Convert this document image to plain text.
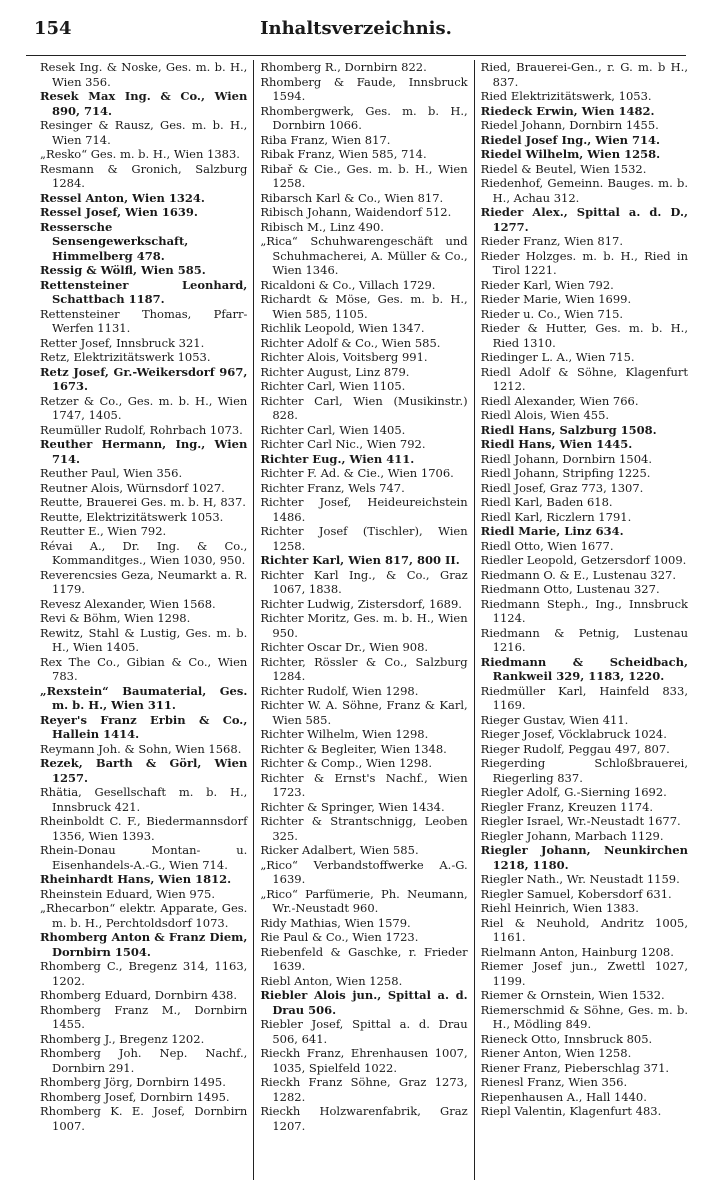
154	Inhaltsverzeichnis.
Resek Ing. & Noske, Ges. m. b. H., Wien 356.
Resek Max Ing. & Co., Wien 890, 714.
Resinger & Rausz, Ges. m. b. H., Wien 714.
„Resko“ Ges. m. b. H., Wien 1383.
Resmann & Gronich, Salzburg 1284.
Ressel Anton, Wien 1324.
Ressel Josef, Wien 1639.
Ressersche Sensengewerkschaft, Himmelberg 478.
Ressig & Wölfl, Wien 585.
Rettensteiner Leonhard, Schattbach 1187.
Rettensteiner Thomas, Pfarr-Werfen 1131.
Retter Josef, Innsbruck 321.
Retz, Elektrizitätswerk 1053.
Retz Josef, Gr.-Weikersdorf 967, 1673.
Retzer & Co., Ges. m. b. H., Wien 1747, 1405.
Reumüller Rudolf, Rohrbach 1073.
Reuther Hermann, Ing., Wien 714.
Reuther Paul, Wien 356.
Reutner Alois, Würnsdorf 1027.
Reutte, Brauerei Ges. m. b. H, 837.
Reutte, Elektrizitätswerk 1053.
Reutter E., Wien 792.
Révai A., Dr. Ing. & Co., Kommanditges., Wien 1030, 950.
Reverencsies Geza, Neumarkt a. R. 1179.
Revesz Alexander, Wien 1568.
Revi & Böhm, Wien 1298.
Rewitz, Stahl & Lustig, Ges. m. b. H., Wien 1405.
Rex The Co., Gibian & Co., Wien 783.
„Rexstein“ Baumaterial, Ges. m. b. H., Wien 311.
Reyer's Franz Erbin & Co., Hallein 1414.
Reymann Joh. & Sohn, Wien 1568.
Rezek, Barth & Görl, Wien 1257.
Rhätia, Gesellschaft m. b. H., Innsbruck 421.
Rheinboldt C. F., Biedermannsdorf 1356, Wien 1393.
Rhein-Donau Montan- u. Eisenhandels-A.-G., Wien 714.
Rheinhardt Hans, Wien 1812.
Rheinstein Eduard, Wien 975.
„Rhecarbon“ elektr. Apparate, Ges. m. b. H., Perchtoldsdorf 1073.
Rhomberg Anton & Franz Diem, Dornbirn 1504.
Rhomberg C., Bregenz 314, 1163, 1202.
Rhomberg Eduard, Dornbirn 438.
Rhomberg Franz M., Dornbirn 1455.
Rhomberg J., Bregenz 1202.
Rhomberg Joh. Nep. Nachf., Dornbirn 291.
Rhomberg Jörg, Dornbirn 1495.
Rhomberg Josef, Dornbirn 1495.
Rhomberg K. E. Josef, Dornbirn 1007.
Rhomberg R., Dornbirn 822.
Rhomberg & Faude, Innsbruck 1594.
Rhombergwerk, Ges. m. b. H., Dornbirn 1066.
Riba Franz, Wien 817.
Ribak Franz, Wien 585, 714.
Ribař & Cie., Ges. m. b. H., Wien 1258.
Ribarsch Karl & Co., Wien 817.
Ribisch Johann, Waidendorf 512.
Ribisch M., Linz 490.
„Rica“ Schuhwarengeschäft und Schuhmacherei, A. Müller & Co., Wien 1346.
Ricaldoni & Co., Villach 1729.
Richardt & Möse, Ges. m. b. H., Wien 585, 1105.
Richlik Leopold, Wien 1347.
Richter Adolf & Co., Wien 585.
Richter Alois, Voitsberg 991.
Richter August, Linz 879.
Richter Carl, Wien 1105.
Richter Carl, Wien (Musikinstr.) 828.
Richter Carl, Wien 1405.
Richter Carl Nic., Wien 792.
Richter Eug., Wien 411.
Richter F. Ad. & Cie., Wien 1706.
Richter Franz, Wels 747.
Richter Josef, Heideureichstein 1486.
Richter Josef (Tischler), Wien 1258.
Richter Karl, Wien 817, 800 II.
Richter Karl Ing., & Co., Graz 1067, 1838.
Richter Ludwig, Zistersdorf, 1689.
Richter Moritz, Ges. m. b. H., Wien 950.
Richter Oscar Dr., Wien 908.
Richter, Rössler & Co., Salzburg 1284.
Richter Rudolf, Wien 1298.
Richter W. A. Söhne, Franz & Karl, Wien 585.
Richter Wilhelm, Wien 1298.
Richter & Begleiter, Wien 1348.
Richter & Comp., Wien 1298.
Richter & Ernst's Nachf., Wien 1723.
Richter & Springer, Wien 1434.
Richter & Strantschnigg, Leoben 325.
Ricker Adalbert, Wien 585.
„Rico“ Verbandstoffwerke A.-G. 1639.
„Rico“ Parfümerie, Ph. Neumann, Wr.-Neustadt 960.
Ridy Mathias, Wien 1579.
Rie Paul & Co., Wien 1723.
Riebenfeld & Gaschke, r. Frieder 1639.
Riebl Anton, Wien 1258.
Riebler Alois jun., Spittal a. d. Drau 506.
Riebler Josef, Spittal a. d. Drau 506, 641.
Rieckh Franz, Ehrenhausen 1007, 1035, Spielfeld 1022.
Rieckh Franz Söhne, Graz 1273, 1282.
Rieckh Holzwarenfabrik, Graz 1207.
Ried, Brauerei-Gen., r. G. m. b H., 837.
Ried Elektrizitätswerk, 1053.
Riedeck Erwin, Wien 1482.
Riedel Johann, Dornbirn 1455.
Riedel Josef Ing., Wien 714.
Riedel Wilhelm, Wien 1258.
Riedel & Beutel, Wien 1532.
Riedenhof, Gemeinn. Bauges. m. b. H., Achau 312.
Rieder Alex., Spittal a. d. D., 1277.
Rieder Franz, Wien 817.
Rieder Holzges. m. b. H., Ried in Tirol 1221.
Rieder Karl, Wien 792.
Rieder Marie, Wien 1699.
Rieder u. Co., Wien 715.
Rieder & Hutter, Ges. m. b. H., Ried 1310.
Riedinger L. A., Wien 715.
Riedl Adolf & Söhne, Klagenfurt 1212.
Riedl Alexander, Wien 766.
Riedl Alois, Wien 455.
Riedl Hans, Salzburg 1508.
Riedl Hans, Wien 1445.
Riedl Johann, Dornbirn 1504.
Riedl Johann, Stripfing 1225.
Riedl Josef, Graz 773, 1307.
Riedl Karl, Baden 618.
Riedl Karl, Riczlern 1791.
Riedl Marie, Linz 634.
Riedl Otto, Wien 1677.
Riedler Leopold, Getzersdorf 1009.
Riedmann O. & E., Lustenau 327.
Riedmann Otto, Lustenau 327.
Riedmann Steph., Ing., Innsbruck 1124.
Riedmann & Petnig, Lustenau 1216.
Riedmann & Scheidbach, Rankweil 329, 1183, 1220.
Riedmüller Karl, Hainfeld 833, 1169.
Rieger Gustav, Wien 411.
Rieger Josef, Vöcklabruck 1024.
Rieger Rudolf, Peggau 497, 807.
Riegerding Schloßbrauerei, Riegerling 837.
Riegler Adolf, G.-Sierning 1692.
Riegler Franz, Kreuzen 1174.
Riegler Israel, Wr.-Neustadt 1677.
Riegler Johann, Marbach 1129.
Riegler Johann, Neunkirchen 1218, 1180.
Riegler Nath., Wr. Neustadt 1159.
Riegler Samuel, Kobersdorf 631.
Riehl Heinrich, Wien 1383.
Riel & Neuhold, Andritz 1005, 1161.
Rielmann Anton, Hainburg 1208.
Riemer Josef jun., Zwettl 1027, 1199.
Riemer & Ornstein, Wien 1532.
Riemerschmid & Söhne, Ges. m. b. H., Mödling 849.
Rieneck Otto, Innsbruck 805.
Riener Anton, Wien 1258.
Riener Franz, Pieberschlag 371.
Rienesl Franz, Wien 356.
Riepenhausen A., Hall 1440.
Riepl Valentin, Klagenfurt 483.
